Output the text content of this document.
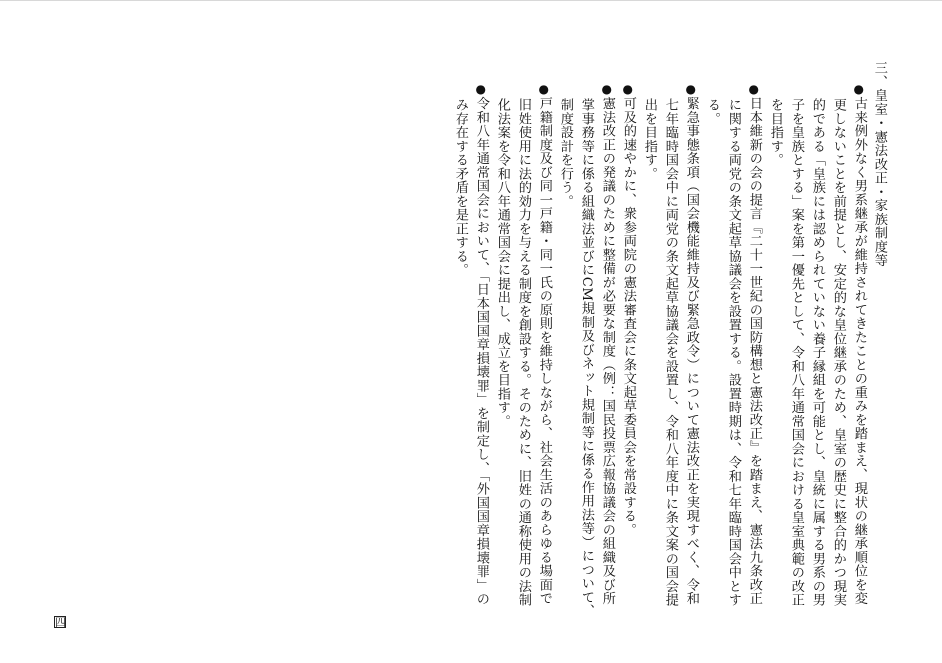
三、皇室・憲法改正・家族制度等
●古来例外なく男系継承が維持されてきたことの重みを踏まえ、現状の継承順位を変
更しないことを前提とし、安定的な皇位継承のため、皇室の歴史に整合的かつ現実
的である「皇族には認められていない養子縁組を可能とし、皇統に属する男系の男
子を皇族とする」案を第一優先として、令和八年通常国会における皇室典範の改正
を目指す。
●日本維新の会の提言『二十一世紀の国防構想と憲法改正』を踏まえ、憲法九条改正
に関する両党の条文起草協議会を設置する。設置時期は、令和七年臨時国会中とす
る。
●緊急事態条項（国会機能維持及び緊急政令）について憲法改正を実現すべく、令和
七年臨時国会中に両党の条文起草協議会を設置し、令和八年度中に条文案の国会提
出を目指す。
●可及的速やかに、衆参両院の憲法審査会に条文起草委員会を常設する。
●憲法改正の発議のために整備が必要な制度（例：国民投票広報協議会の組織及び所
掌事務等に係る組織法並びにCM規制及びネット規制等に係る作用法等）について、
制度設計を行う。
●戸籍制度及び同一戸籍・同一氏の原則を維持しながら、社会生活のあらゆる場面で
旧姓使用に法的効力を与える制度を創設する。そのために、旧姓の通称使用の法制
化法案を令和八年通常国会に提出し、成立を目指す。
●令和八年通常国会において、「日本国国章損壊罪」を制定し、「外国国章損壊罪」の
み存在する矛盾を是正する。
四
